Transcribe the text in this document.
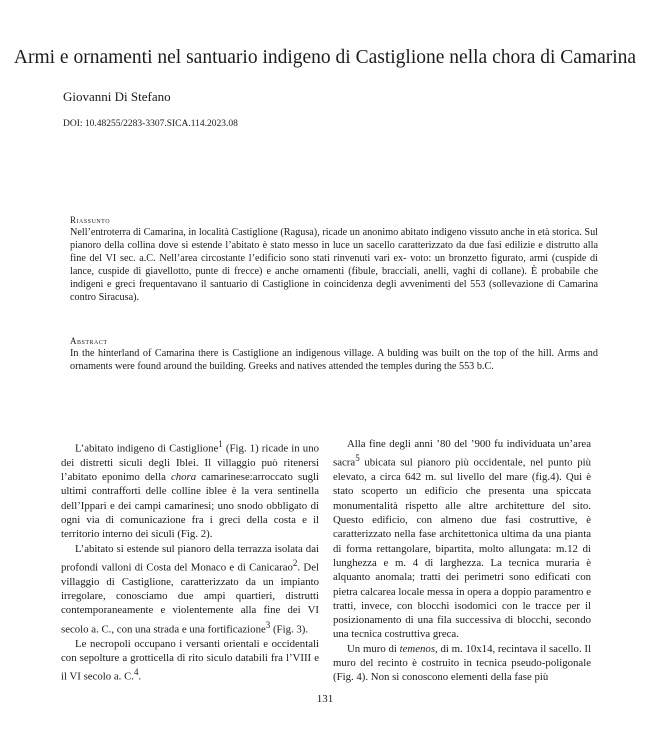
Armi e ornamenti nel santuario indigeno di Castiglione nella chora di Camarina
Giovanni Di Stefano
DOI: 10.48255/2283-3307.SICA.114.2023.08
Riassunto

Nell’entroterra di Camarina, in località Castiglione (Ragusa), ricade un anonimo abitato indigeno vissuto anche in età storica. Sul pianoro della collina dove si estende l’abitato è stato messo in luce un sacello caratterizzato da due fasi edilizie e distrutto alla fine del VI sec. a.C. Nell’area circostante l’edificio sono stati rinvenuti vari ex- voto: un bronzetto figurato, armi (cuspide di lance, cuspide di giavellotto, punte di frecce) e anche ornamenti (fibule, bracciali, anelli, vaghi di collane). È probabile che indigeni e greci frequentavano il santuario di Castiglione in coincidenza degli avvenimenti del 553 (sollevazione di Camarina contro Siracusa).

Abstract

In the hinterland of Camarina there is Castiglione an indigenous village. A bulding was built on the top of the hill. Arms and ornaments were found around the building. Greeks and natives attended the temples during the 553 b.C.

L’abitato indigeno di Castiglione$^1$ (Fig. 1) ricade in uno dei distretti siculi degli Iblei. Il villaggio può ritenersi l’abitato eponimo della chora camarinese:arroccato sugli ultimi contrafforti delle colline iblee è la vera sentinella dell’Ippari e dei campi camarinesi; uno snodo obbligato di ogni via di comunicazione fra i greci della costa e il territorio interno dei siculi (Fig. 2).

L’abitato si estende sul pianoro della terrazza isolata dai profondi valloni di Costa del Monaco e di Canicarao$^2$. Del villaggio di Castiglione, caratterizzato da un impianto irregolare, conosciamo due ampi quartieri, distrutti contemporaneamente e violentemente alla fine dei VI secolo a. C., con una strada e una fortificazione$^3$ (Fig. 3).

Le necropoli occupano i versanti orientali e occidentali con sepolture a grotticella di rito siculo databili fra l’VIII e il VI secolo a. C.$^4$.

Alla fine degli anni ’80 del ’900 fu individuata un’area sacra$^5$ ubicata sul pianoro più occidentale, nel punto più elevato, a circa 642 m. sul livello del mare (fig.4). Qui è stato scoperto un edificio che presenta una spiccata monumentalità rispetto alle altre architetture del sito. Questo edificio, con almeno due fasi costruttive, è caratterizzato nella fase architettonica ultima da una pianta di forma rettangolare, bipartita, molto allungata: m.12 di lunghezza e m. 4 di larghezza. La tecnica muraria è alquanto anomala; tratti dei perimetri sono edificati con pietra calcarea locale messa in opera a doppio paramentro e tratti, invece, con blocchi isodomici con le tracce per il posizionamento di una fila successiva di blocchi, secondo una tecnica costruttiva greca.

Un muro di temenos, di m. 10x14, recintava il sacello. Il muro del recinto è costruito in tecnica pseudo-poligonale (Fig. 4). Non si conoscono elementi della fase più

131
